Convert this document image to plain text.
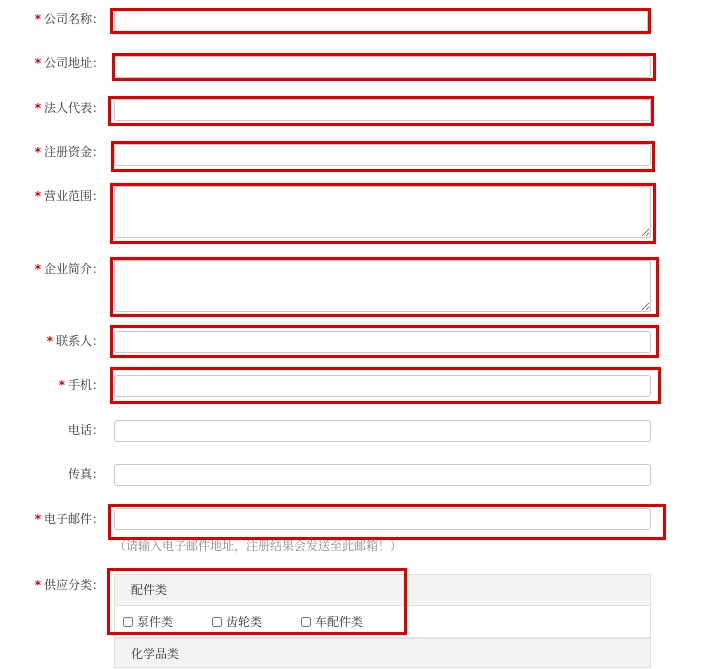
* 公司名称：
* 公司地址：
* 法人代表：
* 注册资金：
* 营业范围：
* 企业简介：
* 联系人：
* 手机：
电话：
传真：
* 电子邮件：
（请输入电子邮件地址，注册结果会发送至此邮箱！）
* 供应分类：	配件类
泵件类	齿轮类	车配件类
化学品类
